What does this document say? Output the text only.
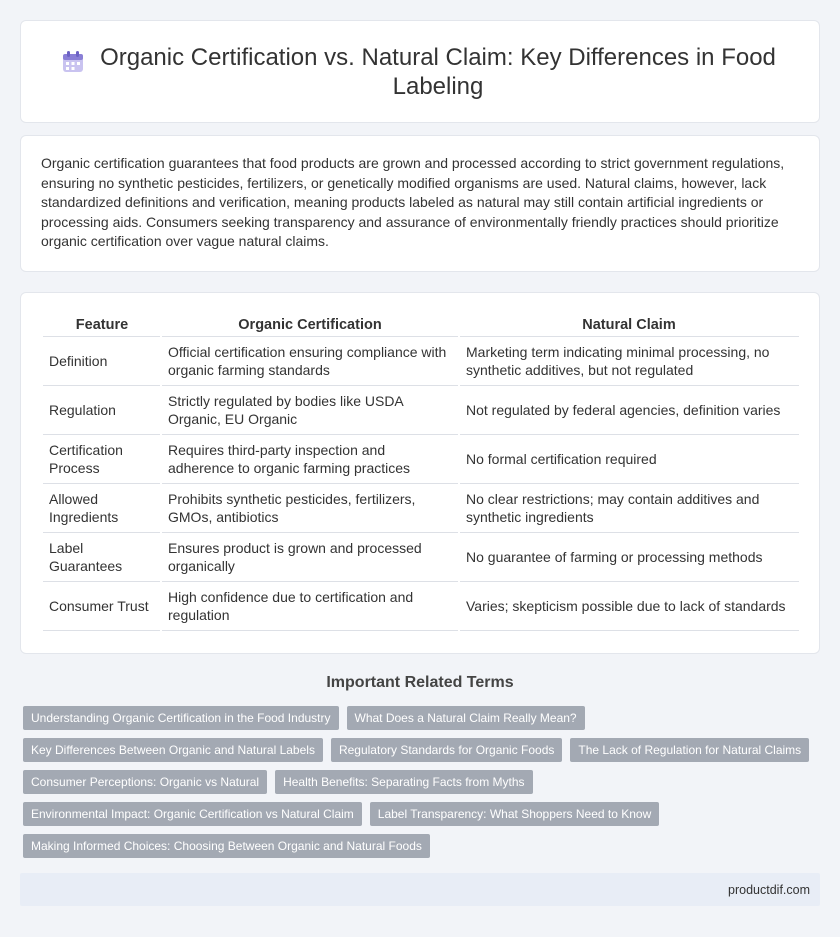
Organic Certification vs. Natural Claim: Key Differences in Food Labeling

Organic certification guarantees that food products are grown and processed according to strict government regulations, ensuring no synthetic pesticides, fertilizers, or genetically modified organisms are used. Natural claims, however, lack standardized definitions and verification, meaning products labeled as natural may still contain artificial ingredients or processing aids. Consumers seeking transparency and assurance of environmentally friendly practices should prioritize organic certification over vague natural claims.

Feature	Organic Certification	Natural Claim
Definition	Official certification ensuring compliance with organic farming standards	Marketing term indicating minimal processing, no synthetic additives, but not regulated
Regulation	Strictly regulated by bodies like USDA Organic, EU Organic	Not regulated by federal agencies, definition varies
Certification Process	Requires third-party inspection and adherence to organic farming practices	No formal certification required
Allowed Ingredients	Prohibits synthetic pesticides, fertilizers, GMOs, antibiotics	No clear restrictions; may contain additives and synthetic ingredients
Label Guarantees	Ensures product is grown and processed organically	No guarantee of farming or processing methods
Consumer Trust	High confidence due to certification and regulation	Varies; skepticism possible due to lack of standards
Important Related Terms
Understanding Organic Certification in the Food Industry	What Does a Natural Claim Really Mean?
Key Differences Between Organic and Natural Labels	Regulatory Standards for Organic Foods	The Lack of Regulation for Natural Claims
Consumer Perceptions: Organic vs Natural	Health Benefits: Separating Facts from Myths
Environmental Impact: Organic Certification vs Natural Claim	Label Transparency: What Shoppers Need to Know
Making Informed Choices: Choosing Between Organic and Natural Foods
productdif.com
